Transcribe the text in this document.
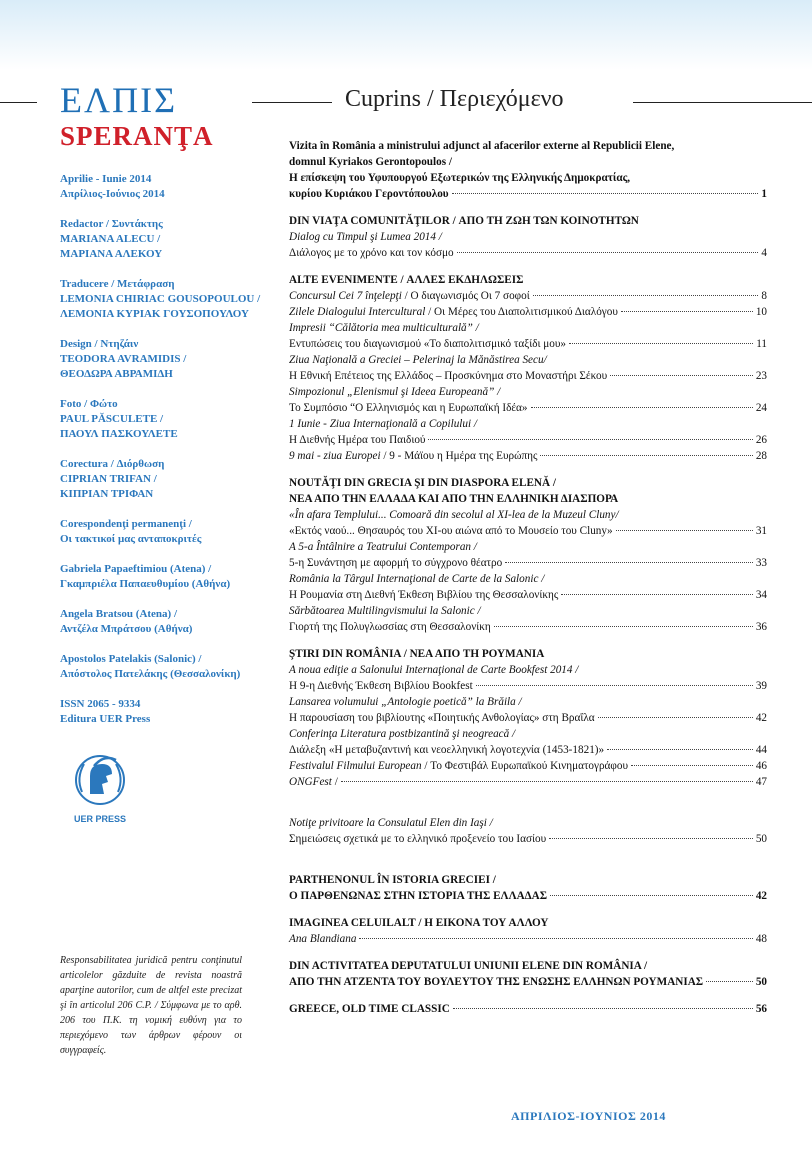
ΕΛΠΙΣ
SPERANŢA
Aprilie - Iunie 2014
Απρίλιος-Ιούνιος 2014
Redactor / Συντάκτης
MARIANA ALECU /
ΜΑΡΙΑΝΑ ΑΛΕΚΟΥ
Traducere / Μετάφραση
LEMONIA CHIRIAC GOUSOPOULOU /
ΛΕΜΟΝΙΑ ΚΥΡΙΑΚ ΓΟΥΣΟΠΟΥΛΟΥ
Design / Ντηζάιν
TEODORA AVRAMIDIS /
ΘΕΟΔΩΡΑ ΑΒΡΑΜΙΔΗ
Foto / Φώτο
PAUL PĂSCULETE /
ΠΑΟΥΛ ΠΑΣΚΟΥΛΕΤΕ
Corectura / Διόρθωση
CIPRIAN TRIFAN /
ΚΙΠΡΙΑΝ ΤΡΙΦΑΝ
Corespondenţi permanenţi /
Οι τακτικοί μας ανταποκριτές
Gabriela Papaeftimiou (Atena) /
Γκαμπριέλα Παπαευθυμίου (Αθήνα)
Angela Bratsou (Atena) /
Αντζέλα Μπράτσου (Αθήνα)
Apostolos Patelakis (Salonic) /
Απόστολος Πατελάκης (Θεσσαλονίκη)
ISSN 2065 - 9334
Editura UER Press
UER PRESS
Responsabilitatea juridică pentru conţinutul articolelor găzduite de revista noastră aparţine autorilor, cum de altfel este precizat şi în articolul 206 C.P. / Σύμφωνα με το αρθ. 206 του Π.Κ. τη νομική ευθύνη για το περιεχόμενο των άρθρων φέρουν οι συγγραφείς.
Cuprins / Περιεχόμενο
Vizita în România a ministrului adjunct al afacerilor externe al Republicii Elene,
domnul Kyriakos Gerontopoulos /
Η επίσκεψη του Υφυπουργού Εξωτερικών της Ελληνικής Δημοκρατίας,
κυρίου Κυριάκου Γεροντόπουλου	1
DIN VIAŢA COMUNITĂŢILOR / ΑΠΟ ΤΗ ΖΩΗ ΤΩΝ ΚΟΙΝΟΤΗΤΩΝ
Dialog cu Timpul şi Lumea 2014 /
Διάλογος με το χρόνο και τον κόσμο	4
ALTE EVENIMENTE / ΑΛΛΕΣ ΕΚΔΗΛΩΣΕΙΣ
Concursul Cei 7 înţelepţi / Ο διαγωνισμός Οι 7 σοφοί	8
Zilele Dialogului Intercultural / Οι Μέρες του Διαπολιτισμικού Διαλόγου	10
Impresii “Călătoria mea multiculturală” /
Εντυπώσεις του διαγωνισμού «Το διαπολιτισμικό ταξίδι μου»	11
Ziua Naţională a Greciei – Pelerinaj la Mănăstirea Secu/
Η Εθνική Επέτειος της Ελλάδος – Προσκύνημα στο Μοναστήρι Σέκου	23
Simpozionul „Elenismul şi Ideea Europeană” /
Το Συμπόσιο “Ο Ελληνισμός και η Ευρωπαϊκή Ιδέα»	24
1 Iunie - Ziua Internaţională a Copilului /
Η Διεθνής Ημέρα του Παιδιού	26
9 mai - ziua Europei / 9 - Μάϊου η Ημέρα της Ευρώπης	28
NOUTĂŢI DIN GRECIA ŞI DIN DIASPORA ELENĂ /
ΝΕΑ ΑΠΟ ΤΗΝ ΕΛΛΑΔΑ ΚΑΙ ΑΠΟ ΤΗΝ ΕΛΛΗΝΙΚΗ ΔΙΑΣΠΟΡΑ
«În afara Templului... Comoară din secolul al XI-lea de la Muzeul Cluny/
«Εκτός ναού... Θησαυρός του ΧΙ-ου αιώνα από το Μουσείο του Cluny»	31
A 5-a Întâlnire a Teatrului Contemporan /
5-η Συνάντηση με αφορμή το σύγχρονο θέατρο	33
România la Târgul Internaţional de Carte de la Salonic /
Η Ρουμανία στη Διεθνή Έκθεση Βιβλίου της Θεσσαλονίκης	34
Sărbătoarea Multilingvismului la Salonic /
Γιορτή της Πολυγλωσσίας στη Θεσσαλονίκη	36
ŞTIRI DIN ROMÂNIA / ΝΕΑ ΑΠΟ ΤΗ ΡΟΥΜΑΝΙΑ
A noua ediţie a Salonului Internaţional de Carte Bookfest 2014 /
Η 9-η Διεθνής Έκθεση Βιβλίου Bookfest	39
Lansarea volumului „Antologie poetică” la Brăila /
Η παρουσίαση του βιβλίουτης «Ποιητικής Ανθολογίας» στη Βραΐλα	42
Conferinţa Literatura postbizantină şi neogreacă /
Διάλεξη «Η μεταβυζαντινή και νεοελληνική λογοτεχνία (1453-1821)»	44
Festivalul Filmului European / Το Φεστιβάλ Ευρωπαϊκού Κινηματογράφου	46
ONGFest /	47
Notiţe privitoare la Consulatul Elen din Iaşi /
Σημειώσεις σχετικά με το ελληνικό προξενείο του Ιασίου	50
PARTHENONUL ÎN ISTORIA GRECIEI /
Ο ΠΑΡΘΕΝΩΝΑΣ ΣΤΗΝ ΙΣΤΟΡΙΑ ΤΗΣ ΕΛΛΑΔΑΣ	42
IMAGINEA CELUILALT / Η ΕΙΚΟΝΑ ΤΟΥ ΑΛΛΟΥ
Ana Blandiana	48
DIN ACTIVITATEA DEPUTATULUI UNIUNII ELENE DIN ROMÂNIA /
ΑΠΟ ΤΗΝ ΑΤΖΕΝΤΑ ΤΟΥ ΒΟΥΛΕΥΤΟΥ ΤΗΣ ΕΝΩΣΗΣ ΕΛΛΗΝΩΝ ΡΟΥΜΑΝΙΑΣ	50
GREECE, OLD TIME CLASSIC	56
ΑΠΡΙΛΙΟΣ-ΙΟΥΝΙΟΣ 2014
